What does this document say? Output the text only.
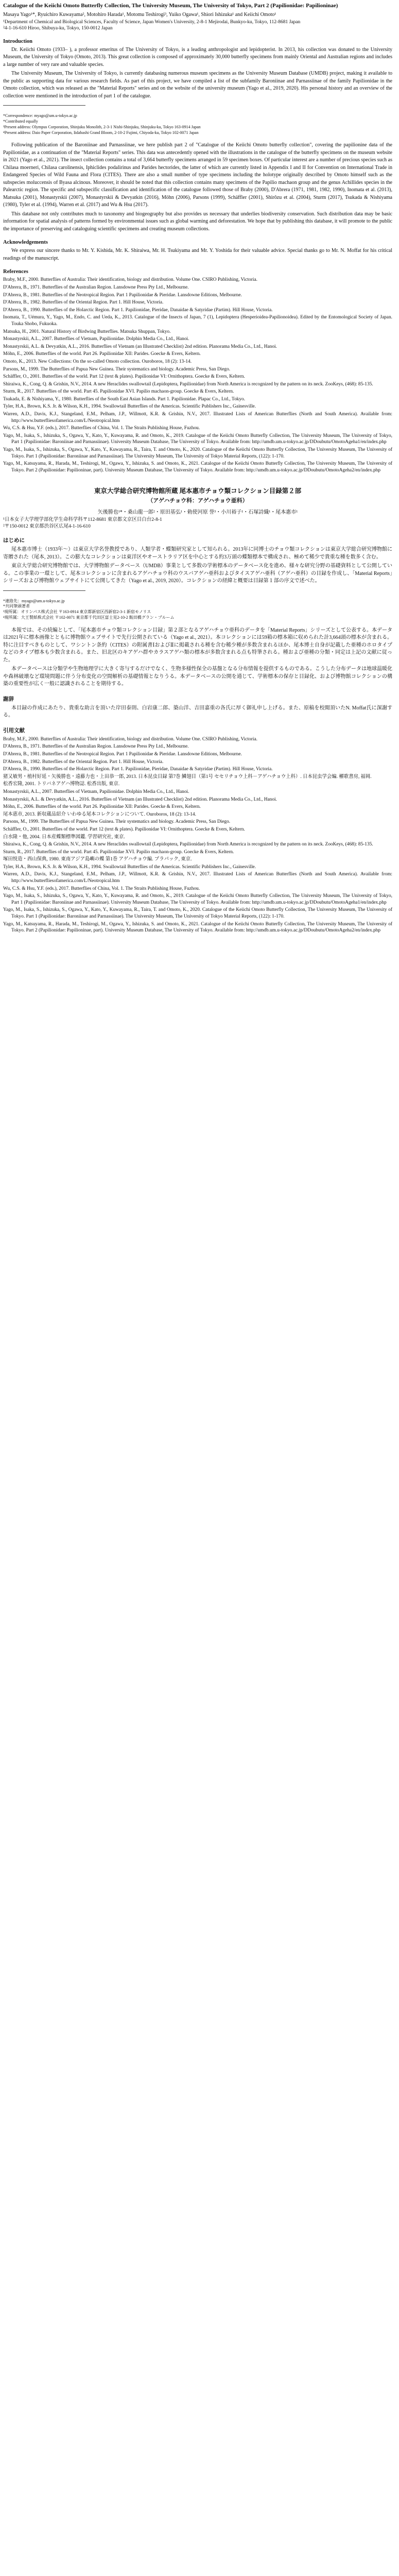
Catalogue of the Keiichi Omoto Butterfly Collection, The University Museum, The University of Tokyo, Part 2 (Papilionidae: Papilioninae)
Masaya Yago¹*, Ryuichiro Kuwayama², Motohiro Harada¹, Motomu Teshirogi³, Yuiko Ogawa¹, Shiori Ishizuka¹ and Keiichi Omoto¹
¹Department of Chemical and Biological Sciences, Faculty of Science, Japan Women's University, 2-8-1 Mejirodai, Bunkyo-ku, Tokyo, 112-8681 Japan
²4-1-16-610 Hiroo, Shibuya-ku, Tokyo, 150-0012 Japan
Introduction

Dr. Keiichi Omoto (1933– ), a professor emeritus of The University of Tokyo, is a leading anthropologist and lepidopterist. In 2013, his collection was donated to the University Museum, the University of Tokyo (Omoto, 2013). This great collection is composed of approximately 30,000 butterfly specimens from mainly Oriental and Australian regions and includes a large number of very rare and valuable species.

The University Museum, The University of Tokyo, is currently databasing numerous museum specimens as the University Museum Database (UMDB) project, making it available to the public as supporting data for various research fields. As part of this project, we have compiled a list of the subfamily Baroniinae and Parnassiinae of the family Papilionidae in the Omoto collection, which was released as the "Material Reports" series and on the website of the university museum (Yago et al., 2019, 2020). His personal history and an overview of the collection were mentioned in the introduction of part 1 of the catalogue.

*Correspondence: myago@um.u-tokyo.ac.jp

*Contributed equally

³Present address: Olympus Corporation, Shinjuku Monolith, 2-3-1 Nishi-Shinjuku, Shinjuku-ku, Tokyo 163-0914 Japan

⁴Present address: Daio Paper Corporation, Iidabashi Grand Bloom, 2-10-2 Fujimi, Chiyoda-ku, Tokyo 102-0071 Japan

Following publication of the Baroniinae and Parnassiinae, we here publish part 2 of "Catalogue of the Keiichi Omoto butterfly collection", covering the papilionine data of the Papilionidae, as a continuation of the "Material Reports" series. This data was antecedently opened with the illustrations in the catalogue of the butterfly specimens on the museum website in 2021 (Yago et al., 2021). The insect collection contains a total of 3,664 butterfly specimens arranged in 59 specimen boxes. Of particular interest are a number of precious species such as Chilasa moerneri, Chilasa carolinensis, Iphiclides podalirinus and Parides hectorides, the latter of which are currently listed in Appendix I and II for Convention on International Trade in Endangered Species of Wild Fauna and Flora (CITES). There are also a small number of type specimens including the holotype originally described by Omoto himself such as the subspecies moluccensis of Byasa alcinous. Moreover, it should be noted that this collection contains many specimens of the Papilio machaon group and the genus Achillides species in the Palearctic region. The specific and subspecific classification and identification of the catalogue followed those of Braby (2000), D'Abrera (1971, 1981, 1982, 1990), Inomata et al. (2013), Matsuka (2001), Monastyrskii (2007), Monastyrskii & Devyatkin (2016), Möhn (2006), Parsons (1999), Schäffler (2001), Shirôzu et al. (2004), Sturm (2017), Tsukada & Nishiyama (1980), Tyler et al. (1994), Warren et al. (2017) and Wu & Hsu (2017).

This database not only contributes much to taxonomy and biogeography but also provides us necessary that underlies biodiversity conservation. Such distribution data may be basic information for spatial analysis of patterns formed by environmental issues such as global warming and deforestation. We hope that by publishing this database, it will promote to the public the importance of preserving and cataloguing scientific specimens and creating museum collections.

Acknowledgements

We express our sincere thanks to Mr. Y. Kishida, Mr. K. Shiraiwa, Mr. H. Tsukiyama and Mr. Y. Yoshida for their valuable advice. Special thanks go to Mr. N. Moffat for his critical readings of the manuscript.

References
Braby, M.F., 2000. Butterflies of Australia: Their identification, biology and distribution. Volume One. CSIRO Publishing, Victoria.
D'Abrera, B., 1971. Butterflies of the Australian Region. Lansdowne Press Pty Ltd., Melbourne.
D'Abrera, B., 1981. Butterflies of the Neotropical Region. Part 1 Papilionidae & Pieridae. Lansdowne Editions, Melbourne.
D'Abrera, B., 1982. Butterflies of the Oriental Region. Part 1. Hill House, Victoria.
D'Abrera, B., 1990. Butterflies of the Holarctic Region. Part 1. Papilionidae, Pieridae, Danaidae & Satyridae (Partim). Hill House, Victoria.
Inomata, T., Uémura, Y., Yago, M., Endo, C. and Ueda, K., 2013. Catalogue of the Insects of Japan, 7 (1), Lepidoptera (Hesperioidea-Papilionoidea). Edited by the Entomological Society of Japan. Touka Shobo, Fukuoka.
Matsuka, H., 2001. Natural History of Birdwing Butterflies. Matsuka Shuppan, Tokyo.
Monastyrskii, A.L., 2007. Butterflies of Vietnam, Papilionidae. Dolphin Media Co., Ltd., Hanoi.
Monastyrskii, A.L. & Devyatkin, A.L., 2016. Butterflies of Vietnam (an Illustrated Checklist) 2nd edition. Planorama Media Co., Ltd., Hanoi.
Möhn, E., 2006. Butterflies of the world. Part 26. Papilionidae XII: Parides. Goecke & Evers, Keltern.
Omoto, K., 2013. New Collections: On the so-called Omoto collection. Ouroboros, 18 (2): 13-14.
Parsons, M., 1999. The Butterflies of Papua New Guinea. Their systematics and biology. Academic Press, San Diego.
Schäffler, O., 2001. Butterflies of the world. Part 12 (text & plates). Papilionidae VI: Ornithoptera. Goecke & Evers, Keltern.
Shiraiwa, K., Cong, Q. & Grishin, N.V., 2014. A new Heraclides swallowtail (Lepidoptera, Papilionidae) from North America is recognized by the pattern on its neck. ZooKeys, (468): 85-135.
Sturm, R., 2017. Butterflies of the world. Part 45. Papilionidae XVI. Papilio machaon-group. Goecke & Evers, Keltern.
Tsukada, E. & Nishiyama, Y., 1980. Butterflies of the South East Asian Islands. Part 1. Papilionidae. Plapac Co., Ltd., Tokyo.
Tyler, H.A., Brown, K.S. Jr. & Wilson, K.H., 1994. Swallowtail Butterflies of the Americas. Scientific Publishers Inc., Gainesville.
Warren, A.D., Davis, K.J., Stangeland, E.M., Pelham, J.P., Willmott, K.R. & Grishin, N.V., 2017. Illustrated Lists of American Butterflies (North and South America). Available from: http://www.butterfliesofamerica.com/L/Neotropical.htm
Wu, C.S. & Hsu, Y.F. (eds.), 2017. Butterflies of China, Vol. 1. The Straits Publishing House, Fuzhou.
Yago, M., Isaka, S., Ishizuka, S., Ogawa, Y., Kato, Y., Kuwayama, R. and Omoto, K., 2019. Catalogue of the Keiichi Omoto Butterfly Collection, The University Museum, The University of Tokyo, Part 1 (Papilionidae: Baroniinae and Parnassiinae). University Museum Database, The University of Tokyo. Available from: http://umdb.um.u-tokyo.ac.jp/DDoubutu/OmotoAgeha1/en/index.php
Yago, M., Isaka, S., Ishizuka, S., Ogawa, Y., Kato, Y., Kuwayama, R., Taira, T. and Omoto, K., 2020. Catalogue of the Keiichi Omoto Butterfly Collection, The University Museum, The University of Tokyo. Part 1 (Papilionidae: Baroniinae and Parnassiinae). The University Museum, The University of Tokyo Material Reports, (122): 1-170.
Yago, M., Katsuyama, R., Harada, M., Teshirogi, M., Ogawa, Y., Ishizuka, S. and Omoto, K., 2021. Catalogue of the Keiichi Omoto Butterfly Collection, The University Museum, The University of Tokyo. Part 2 (Papilionidae: Papilioninae, part). University Museum Database, The University of Tokyo. Available from: http://umdb.um.u-tokyo.ac.jp/DDoubutu/OmotoAgeha2/en/index.php
東京大学総合研究博物館所蔵 尾本惠市チョウ類コレクション目録第２部
（アゲハチョウ科：アゲハチョウ亜科）
矢後勝也¹*・桑山龍一郎²・原田基弘¹・勅使河原 誉³・小川裕子¹・石塚詩織¹・尾本惠市¹
¹日本女子大学理学部化学生命科学科〒112-8681 東京都文京区目白台2-8-1
²〒150-0012 東京都渋谷区広尾4-1-16-610
はじめに

尾本惠市博士（1933年～）は東京大学名誉教授であり、人類学者・蝶類研究家として知られる。2013年に同博士のチョウ類コレクションは東京大学総合研究博物館に寄贈された（尾本, 2013）。この膨大なコレクションは東洋区やオーストラリア区を中心とする約3万頭の蝶類標本で構成され、極めて稀少で貴重な種を数多く含む。

東京大学総合研究博物館では、大学博物館データベース（UMDB）事業として多数の学術標本のデータベース化を進め、様々な研究分野の基礎資料として公開している。この事業の一環として、尾本コレクションに含まれるアゲハチョウ科のウスバアゲハ亜科およびタイスアゲハ亜科（アゲハ亜科）の目録を作成し、「Material Reports」シリーズおよび博物館ウェブサイトにて公開してきた（Yago et al., 2019, 2020）。コレクションの経緯と概要は目録第１部の序文で述べた。

*連絡先：myago@um.u-tokyo.ac.jp

*共同筆頭著者

³現所属：オリンパス株式会社 〒163-0914 東京都新宿区西新宿2-3-1 新宿モノリス

⁴現所属：大王製紙株式会社 〒102-0071 東京都千代田区富士見2-10-2 飯田橋グラン・ブルーム

本報では、その続編として、「尾本惠市チョウ類コレクション目録」第２部となるアゲハチョウ亜科のデータを「Material Reports」シリーズとして公表する。本データは2021年に標本画像とともに博物館ウェブサイトで先行公開されている（Yago et al., 2021）。本コレクションには59箱の標本箱に収められた計3,664頭の標本が含まれる。特に注目すべきものとして、ワシントン条約（CITES）の附属書ⅠおよびⅡに掲載される種を含む稀少種が多数含まれるほか、尾本博士自身が記載した亜種のホロタイプなどのタイプ標本も少数含まれる。また、旧北区のキアゲハ群やカラスアゲハ類の標本が多数含まれる点も特筆される。種および亜種の分類・同定は上記の文献に従った。

本データベースは分類学や生物地理学に大きく寄与するだけでなく、生物多様性保全の基盤となる分布情報を提供するものである。こうした分布データは地球温暖化や森林破壊など環境問題に伴う分布変化の空間解析の基礎情報となりうる。本データベースの公開を通じて、学術標本の保存と目録化、および博物館コレクションの構築の重要性が広く一般に認識されることを期待する。

謝辞

本目録の作成にあたり、貴重な助言を頂いた岸田泰則、白岩康二郎、築山洋、吉田嘉重の各氏に厚く御礼申し上げる。また、原稿を校閲頂いたN. Moffat氏に深謝する。

引用文献
Braby, M.F., 2000. Butterflies of Australia: Their identification, biology and distribution. Volume One. CSIRO Publishing, Victoria.
D'Abrera, B., 1971. Butterflies of the Australian Region. Lansdowne Press Pty Ltd., Melbourne.
D'Abrera, B., 1981. Butterflies of the Neotropical Region. Part 1 Papilionidae & Pieridae. Lansdowne Editions, Melbourne.
D'Abrera, B., 1982. Butterflies of the Oriental Region. Part 1. Hill House, Victoria.
D'Abrera, B., 1990. Butterflies of the Holarctic Region. Part 1. Papilionidae, Pieridae, Danaidae & Satyridae (Partim). Hill House, Victoria.
猪又敏男・植村好延・矢後勝也・遠藤力也・上田恭一郎, 2013. 日本昆虫目録 第7巻 鱗翅目（第1号 セセリチョウ上科－アゲハチョウ上科）. 日本昆虫学会編. 櫂歌書房, 福岡.
松香宏隆, 2001. トリバネアゲハ博物誌. 松香出版, 東京.
Monastyrskii, A.L., 2007. Butterflies of Vietnam, Papilionidae. Dolphin Media Co., Ltd., Hanoi.
Monastyrskii, A.L. & Devyatkin, A.L., 2016. Butterflies of Vietnam (an Illustrated Checklist) 2nd edition. Planorama Media Co., Ltd., Hanoi.
Möhn, E., 2006. Butterflies of the world. Part 26. Papilionidae XII: Parides. Goecke & Evers, Keltern.
尾本惠市, 2013. 新収蔵品紹介 いわゆる尾本コレクションについて. Ouroboros, 18 (2): 13-14.
Parsons, M., 1999. The Butterflies of Papua New Guinea. Their systematics and biology. Academic Press, San Diego.
Schäffler, O., 2001. Butterflies of the world. Part 12 (text & plates). Papilionidae VI: Ornithoptera. Goecke & Evers, Keltern.
白水隆・他, 2004. 日本産蝶類標準図鑑. 学習研究社, 東京.
Shiraiwa, K., Cong, Q. & Grishin, N.V., 2014. A new Heraclides swallowtail (Lepidoptera, Papilionidae) from North America is recognized by the pattern on its neck. ZooKeys, (468): 85-135.
Sturm, R., 2017. Butterflies of the world. Part 45. Papilionidae XVI. Papilio machaon-group. Goecke & Evers, Keltern.
塚田悦造・西山保典, 1980. 東南アジア島嶼の蝶 第1巻 アゲハチョウ編. プラパック, 東京.
Tyler, H.A., Brown, K.S. Jr. & Wilson, K.H., 1994. Swallowtail Butterflies of the Americas. Scientific Publishers Inc., Gainesville.
Warren, A.D., Davis, K.J., Stangeland, E.M., Pelham, J.P., Willmott, K.R. & Grishin, N.V., 2017. Illustrated Lists of American Butterflies (North and South America). Available from: http://www.butterfliesofamerica.com/L/Neotropical.htm
Wu, C.S. & Hsu, Y.F. (eds.), 2017. Butterflies of China, Vol. 1. The Straits Publishing House, Fuzhou.
Yago, M., Isaka, S., Ishizuka, S., Ogawa, Y., Kato, Y., Kuwayama, R. and Omoto, K., 2019. Catalogue of the Keiichi Omoto Butterfly Collection, The University Museum, The University of Tokyo, Part 1 (Papilionidae: Baroniinae and Parnassiinae). University Museum Database, The University of Tokyo. Available from: http://umdb.um.u-tokyo.ac.jp/DDoubutu/OmotoAgeha1/en/index.php
Yago, M., Isaka, S., Ishizuka, S., Ogawa, Y., Kato, Y., Kuwayama, R., Taira, T. and Omoto, K., 2020. Catalogue of the Keiichi Omoto Butterfly Collection, The University Museum, The University of Tokyo. Part 1 (Papilionidae: Baroniinae and Parnassiinae). The University Museum, The University of Tokyo Material Reports, (122): 1-170.
Yago, M., Katsuyama, R., Harada, M., Teshirogi, M., Ogawa, Y., Ishizuka, S. and Omoto, K., 2021. Catalogue of the Keiichi Omoto Butterfly Collection, The University Museum, The University of Tokyo. Part 2 (Papilionidae: Papilioninae, part). University Museum Database, The University of Tokyo. Available from: http://umdb.um.u-tokyo.ac.jp/DDoubutu/OmotoAgeha2/en/index.php
